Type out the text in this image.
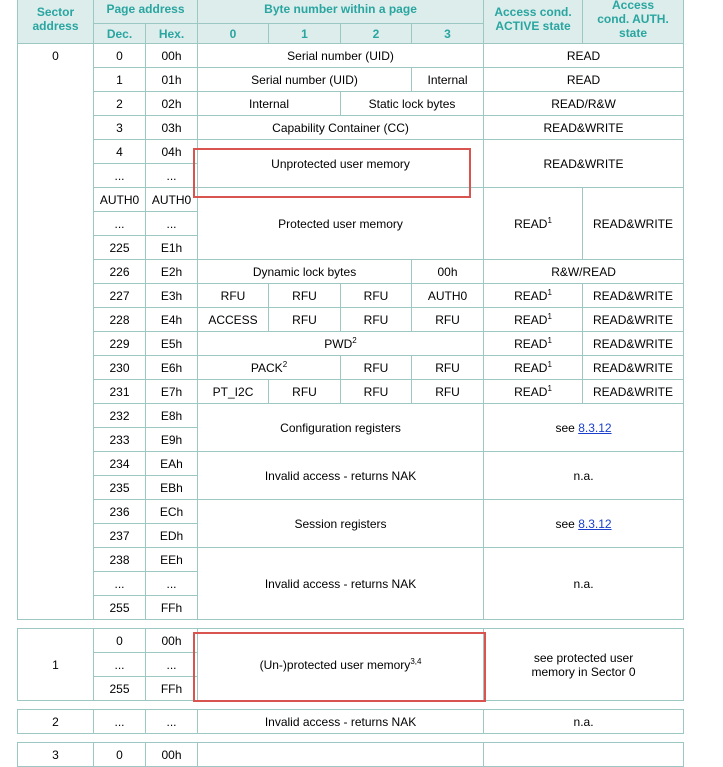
Sector address	Page address		Byte number within a page				Access cond. ACTIVE state	Access cond. AUTH. state
	Dec.	Hex.	0	1	2	3		
0	0	00h	Serial number (UID)				READ	
	1	01h	Serial number (UID)			Internal	READ	
	2	02h	Internal		Static lock bytes		READ/R&W	
	3	03h	Capability Container (CC)				READ&WRITE	
	4	04h	Unprotected user memory				READ&WRITE	
	...	...						
	AUTH0	AUTH0	Protected user memory				READ$^1$	READ&WRITE
	...	...						
	225	E1h						
	226	E2h	Dynamic lock bytes			00h	R&W/READ	
	227	E3h	RFU	RFU	RFU	AUTH0	READ$^1$	READ&WRITE
	228	E4h	ACCESS	RFU	RFU	RFU	READ$^1$	READ&WRITE
	229	E5h	PWD$^2$				READ$^1$	READ&WRITE
	230	E6h	PACK$^2$		RFU	RFU	READ$^1$	READ&WRITE
	231	E7h	PT_I2C	RFU	RFU	RFU	READ$^1$	READ&WRITE
	232	E8h	Configuration registers				see 8.3.12	
	233	E9h						
	234	EAh	Invalid access - returns NAK				n.a.	
	235	EBh						
	236	ECh	Session registers				see 8.3.12	
	237	EDh						
	238	EEh	Invalid access - returns NAK				n.a.	
	...	...						
	255	FFh						

1	0	00h	(Un-)protected user memory$^{3,4}$				see protected user memory in Sector 0	
	...	...						
	255	FFh						

2	...	...	Invalid access - returns NAK				n.a.	

3	0	00h						
